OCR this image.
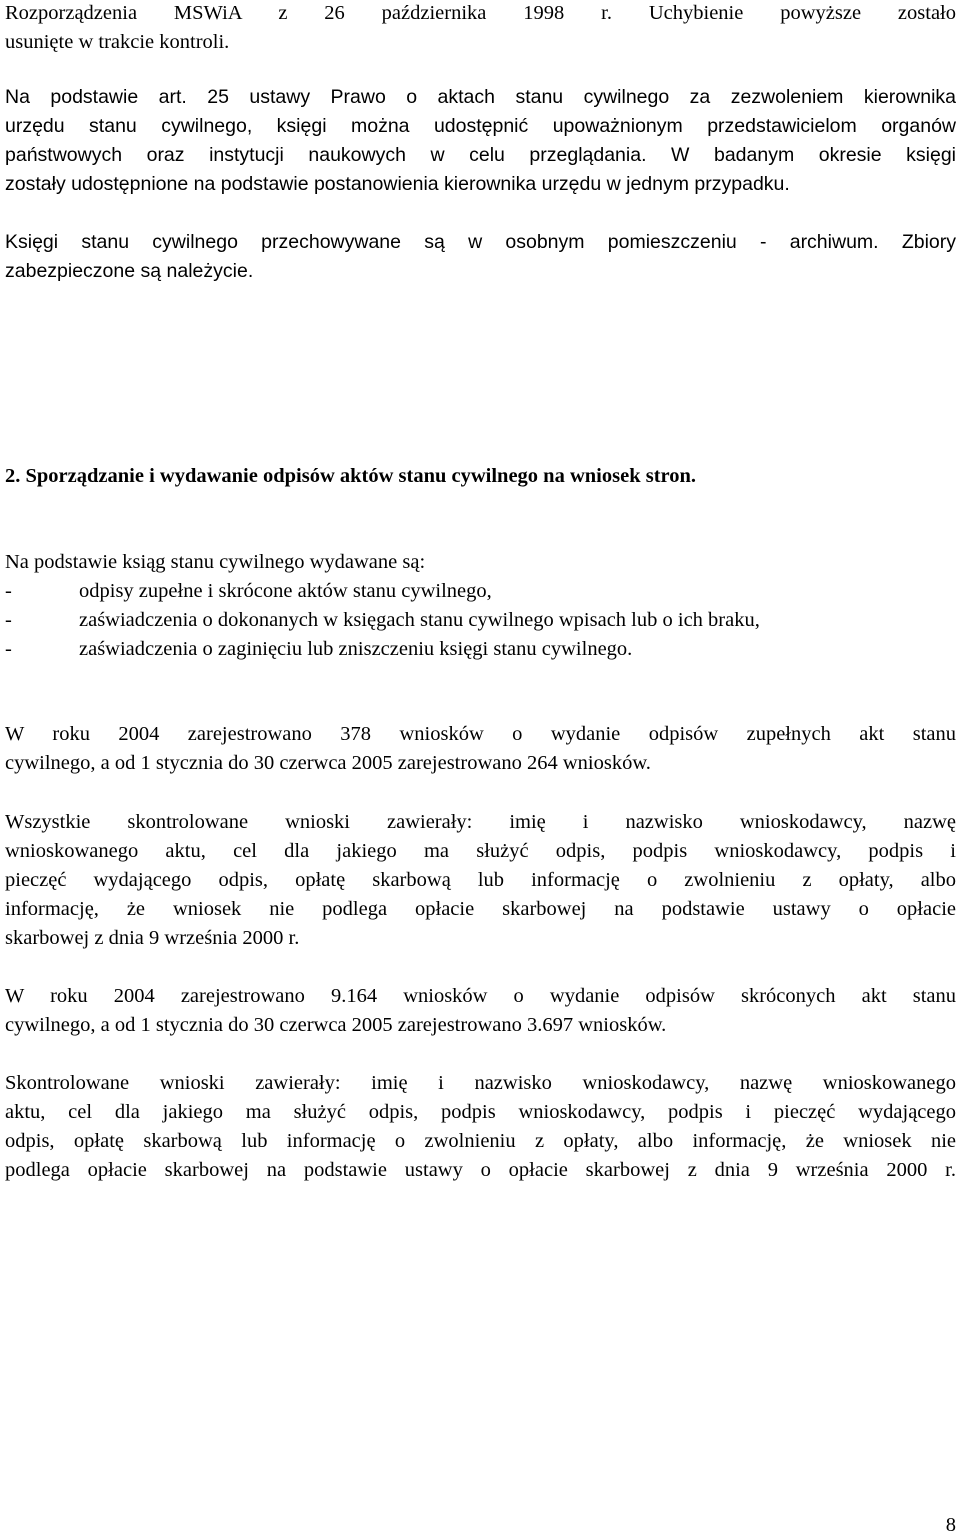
Rozporządzenia MSWiA z 26 października 1998 r. Uchybienie powyższe zostało
usunięte w trakcie kontroli.

Na podstawie art. 25 ustawy Prawo o aktach stanu cywilnego za zezwoleniem kierownika
urzędu stanu cywilnego, księgi można udostępnić upoważnionym przedstawicielom organów
państwowych oraz instytucji naukowych w celu przeglądania. W badanym okresie księgi
zostały udostępnione na podstawie postanowienia kierownika urzędu w jednym przypadku.

Księgi stanu cywilnego przechowywane są w osobnym pomieszczeniu - archiwum. Zbiory
zabezpieczone są należycie.

2. Sporządzanie i wydawanie odpisów aktów stanu cywilnego na wniosek stron.

Na podstawie ksiąg stanu cywilnego wydawane są:

-	odpisy zupełne i skrócone aktów stanu cywilnego,
-	zaświadczenia o dokonanych w księgach stanu cywilnego wpisach lub o ich braku,
-	zaświadczenia o zaginięciu lub zniszczeniu księgi stanu cywilnego.

W roku 2004 zarejestrowano 378 wniosków o wydanie odpisów zupełnych akt stanu
cywilnego, a od 1 stycznia do 30 czerwca 2005 zarejestrowano 264 wniosków.

Wszystkie skontrolowane wnioski zawierały: imię i nazwisko wnioskodawcy, nazwę
wnioskowanego aktu, cel dla jakiego ma służyć odpis, podpis wnioskodawcy, podpis i
pieczęć wydającego odpis, opłatę skarbową lub informację o zwolnieniu z opłaty, albo
informację, że wniosek nie podlega opłacie skarbowej na podstawie ustawy o opłacie
skarbowej z dnia 9 września 2000 r.

W roku 2004 zarejestrowano 9.164 wniosków o wydanie odpisów skróconych akt stanu
cywilnego, a od 1 stycznia do 30 czerwca 2005 zarejestrowano 3.697 wniosków.

Skontrolowane wnioski zawierały: imię i nazwisko wnioskodawcy, nazwę wnioskowanego
aktu, cel dla jakiego ma służyć odpis, podpis wnioskodawcy, podpis i pieczęć wydającego
odpis, opłatę skarbową lub informację o zwolnieniu z opłaty, albo informację, że wniosek nie
podlega opłacie skarbowej na podstawie ustawy o opłacie skarbowej z dnia 9 września 2000 r.

8
